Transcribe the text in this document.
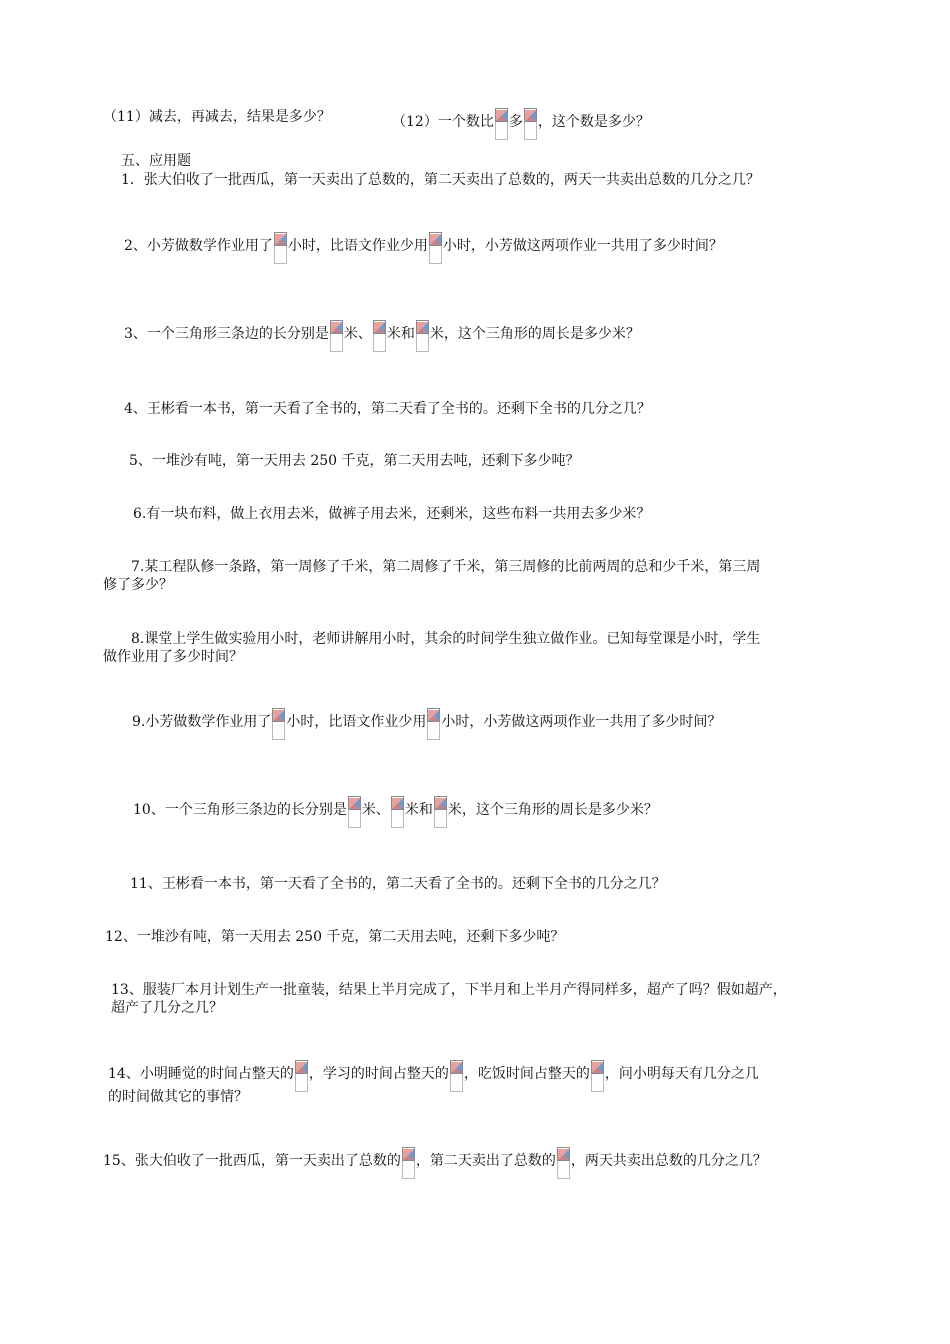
（11）减去，再减去，结果是多少？	（12）一个数比 多 ，这个数是多少？
五、应用题
1．张大伯收了一批西瓜，第一天卖出了总数的，第二天卖出了总数的，两天一共卖出总数的几分之几？
2、小芳做数学作业用了 小时，比语文作业少用 小时，小芳做这两项作业一共用了多少时间？
3、一个三角形三条边的长分别是 米、 米和 米，这个三角形的周长是多少米？
4、王彬看一本书，第一天看了全书的，第二天看了全书的。还剩下全书的几分之几？
5、一堆沙有吨，第一天用去 250 千克，第二天用去吨，还剩下多少吨？
6.有一块布料，做上衣用去米，做裤子用去米，还剩米，这些布料一共用去多少米？
7.某工程队修一条路，第一周修了千米，第二周修了千米，第三周修的比前两周的总和少千米，第三周
修了多少？
8.课堂上学生做实验用小时，老师讲解用小时，其余的时间学生独立做作业。已知每堂课是小时，学生
做作业用了多少时间？
9.小芳做数学作业用了 小时，比语文作业少用 小时，小芳做这两项作业一共用了多少时间？
10、一个三角形三条边的长分别是 米、 米和 米，这个三角形的周长是多少米？
11、王彬看一本书，第一天看了全书的，第二天看了全书的。还剩下全书的几分之几？
12、一堆沙有吨，第一天用去 250 千克，第二天用去吨，还剩下多少吨？
13、服装厂本月计划生产一批童装，结果上半月完成了，下半月和上半月产得同样多，超产了吗？假如超产，
超产了几分之几？
14、小明睡觉的时间占整天的 ，学习的时间占整天的 ，吃饭时间占整天的 ，问小明每天有几分之几
的时间做其它的事情？
15、张大伯收了一批西瓜，第一天卖出了总数的 ，第二天卖出了总数的 ，两天共卖出总数的几分之几？
